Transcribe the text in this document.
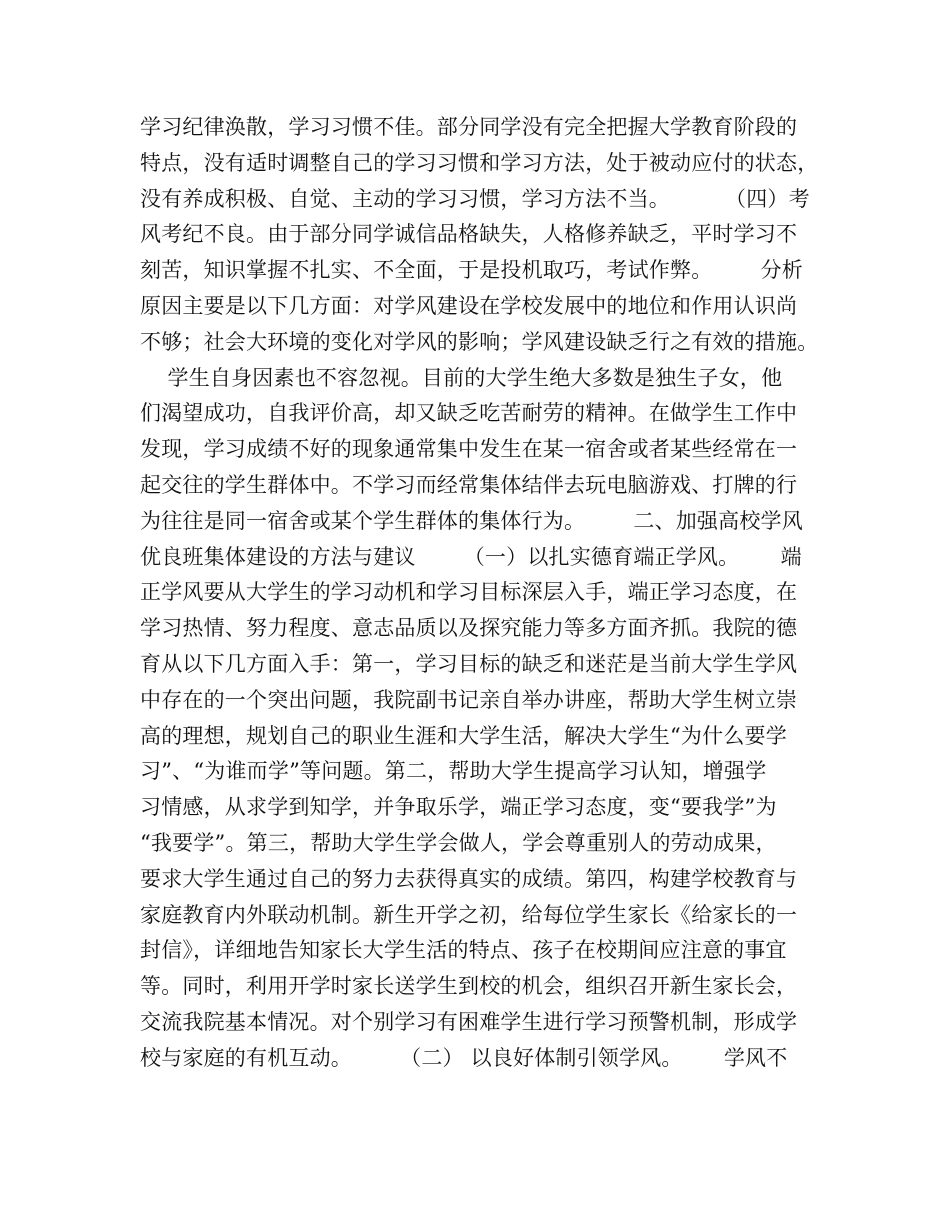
学习纪律涣散，学习习惯不佳。部分同学没有完全把握大学教育阶段的
特点，没有适时调整自己的学习习惯和学习方法，处于被动应付的状态，
没有养成积极、自觉、主动的学习习惯，学习方法不当。        （四）考
风考纪不良。由于部分同学诚信品格缺失，人格修养缺乏，平时学习不
刻苦，知识掌握不扎实、不全面，于是投机取巧，考试作弊。       分析
原因主要是以下几方面：对学风建设在学校发展中的地位和作用认识尚
不够；社会大环境的变化对学风的影响；学风建设缺乏行之有效的措施。
学生自身因素也不容忽视。目前的大学生绝大多数是独生子女，他
们渴望成功，自我评价高，却又缺乏吃苦耐劳的精神。在做学生工作中
发现，学习成绩不好的现象通常集中发生在某一宿舍或者某些经常在一
起交往的学生群体中。不学习而经常集体结伴去玩电脑游戏、打牌的行
为往往是同一宿舍或某个学生群体的集体行为。       二、加强高校学风
优良班集体建设的方法与建议       （一）以扎实德育端正学风。      端
正学风要从大学生的学习动机和学习目标深层入手，端正学习态度，在
学习热情、努力程度、意志品质以及探究能力等多方面齐抓。我院的德
育从以下几方面入手：第一，学习目标的缺乏和迷茫是当前大学生学风
中存在的一个突出问题，我院副书记亲自举办讲座，帮助大学生树立崇
高的理想，规划自己的职业生涯和大学生活，解决大学生“为什么要学
习”、“为谁而学”等问题。第二，帮助大学生提高学习认知，增强学
习情感，从求学到知学，并争取乐学，端正学习态度，变“要我学”为
“我要学”。第三，帮助大学生学会做人，学会尊重别人的劳动成果，
要求大学生通过自己的努力去获得真实的成绩。第四，构建学校教育与
家庭教育内外联动机制。新生开学之初，给每位学生家长《给家长的一
封信》，详细地告知家长大学生活的特点、孩子在校期间应注意的事宜
等。同时，利用开学时家长送学生到校的机会，组织召开新生家长会，
交流我院基本情况。对个别学习有困难学生进行学习预警机制，形成学
校与家庭的有机互动。       （二） 以良好体制引领学风。      学风不
